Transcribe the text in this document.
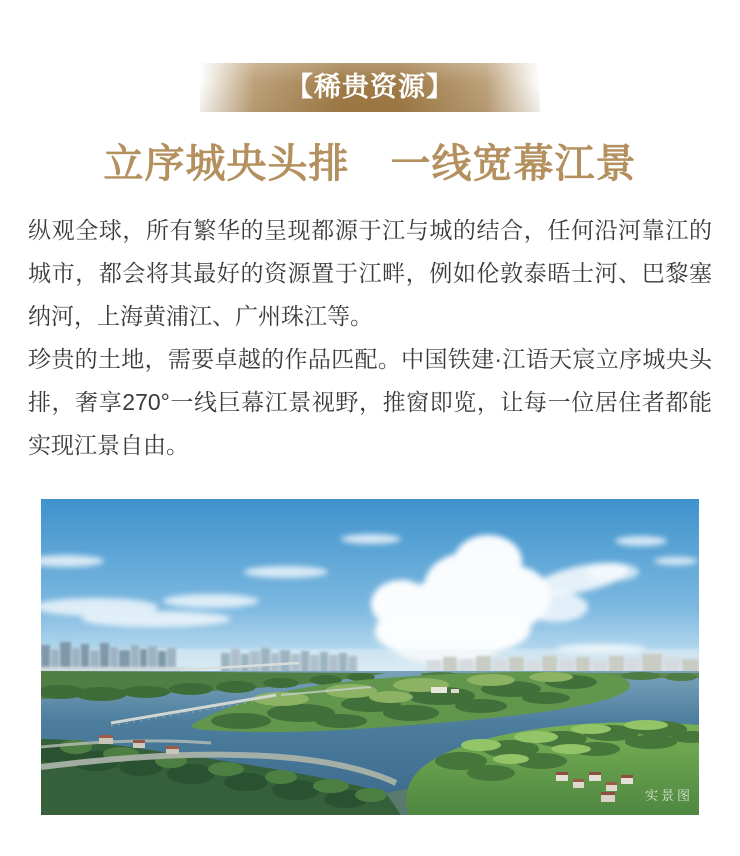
【稀贵资源】
立序城央头排　一线宽幕江景

纵观全球，所有繁华的呈现都源于江与城的结合，任何沿河靠江的城市，都会将其最好的资源置于江畔，例如伦敦泰晤士河、巴黎塞纳河，上海黄浦江、广州珠江等。

珍贵的土地，需要卓越的作品匹配。中国铁建·江语天宸立序城央头排，奢享270°一线巨幕江景视野，推窗即览，让每一位居住者都能实现江景自由。

实景图
